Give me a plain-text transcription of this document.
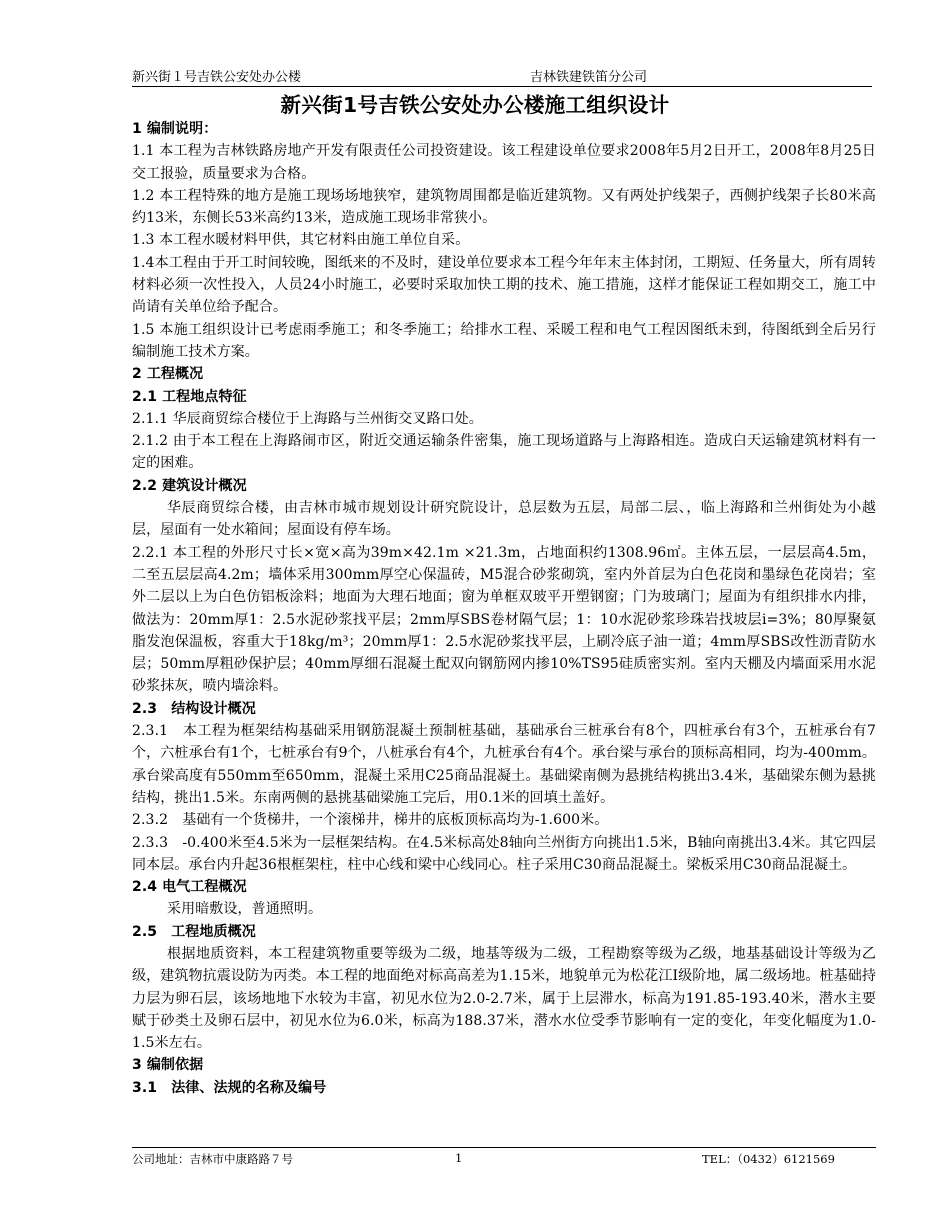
新兴街１号吉铁公安处办公楼	吉林铁建铁笛分公司
新兴街1号吉铁公安处办公楼施工组织设计

1 编制说明：

1.1 本工程为吉林铁路房地产开发有限责任公司投资建设。该工程建设单位要求2008年5月2日开工，2008年8月25日交工报验，质量要求为合格。

1.2 本工程特殊的地方是施工现场场地狭窄，建筑物周围都是临近建筑物。又有两处护线架子，西侧护线架子长80米高约13米，东侧长53米高约13米，造成施工现场非常狭小。

1.3 本工程水暖材料甲供，其它材料由施工单位自采。

1.4本工程由于开工时间较晚，图纸来的不及时，建设单位要求本工程今年年末主体封闭，工期短、任务量大，所有周转材料必须一次性投入，人员24小时施工，必要时采取加快工期的技术、施工措施，这样才能保证工程如期交工，施工中尚请有关单位给予配合。

1.5 本施工组织设计已考虑雨季施工；和冬季施工；给排水工程、采暖工程和电气工程因图纸未到，待图纸到全后另行编制施工技术方案。

2 工程概况

2.1 工程地点特征

2.1.1 华辰商贸综合楼位于上海路与兰州街交叉路口处。

2.1.2 由于本工程在上海路闹市区，附近交通运输条件密集，施工现场道路与上海路相连。造成白天运输建筑材料有一定的困难。

2.2 建筑设计概况

华辰商贸综合楼，由吉林市城市规划设计研究院设计，总层数为五层，局部二层、，临上海路和兰州街处为小越层，屋面有一处水箱间；屋面设有停车场。

2.2.1 本工程的外形尺寸长×宽×高为39m×42.1m ×21.3m，占地面积约1308.96㎡。主体五层，一层层高4.5m，二至五层层高4.2m；墙体采用300mm厚空心保温砖，M5混合砂浆砌筑，室内外首层为白色花岗和墨绿色花岗岩；室外二层以上为白色仿铝板涂料；地面为大理石地面；窗为单框双玻平开塑钢窗；门为玻璃门；屋面为有组织排水内排，做法为：20mm厚1：2.5水泥砂浆找平层；2mm厚SBS卷材隔气层；1：10水泥砂浆珍珠岩找坡层i=3%；80厚聚氨脂发泡保温板，容重大于18kg/m³；20mm厚1：2.5水泥砂浆找平层，上刷冷底子油一道；4mm厚SBS改性沥青防水层；50mm厚粗砂保护层；40mm厚细石混凝土配双向钢筋网内掺10%TS95硅质密实剂。室内天棚及内墙面采用水泥砂浆抹灰，喷内墙涂料。

2.3　结构设计概况

2.3.1　本工程为框架结构基础采用钢筋混凝土预制桩基础，基础承台三桩承台有8个，四桩承台有3个，五桩承台有7个，六桩承台有1个，七桩承台有9个，八桩承台有4个，九桩承台有4个。承台梁与承台的顶标高相同，均为-400mm。承台梁高度有550mm至650mm，混凝土采用C25商品混凝土。基础梁南侧为悬挑结构挑出3.4米，基础梁东侧为悬挑结构，挑出1.5米。东南两侧的悬挑基础梁施工完后，用0.1米的回填土盖好。

2.3.2　基础有一个货梯井，一个滚梯井，梯井的底板顶标高均为-1.600米。

2.3.3　-0.400米至4.5米为一层框架结构。在4.5米标高处8轴向兰州街方向挑出1.5米，B轴向南挑出3.4米。其它四层同本层。承台内升起36根框架柱，柱中心线和梁中心线同心。柱子采用C30商品混凝土。梁板采用C30商品混凝土。

2.4 电气工程概况

采用暗敷设，普通照明。

2.5　工程地质概况

根据地质资料，本工程建筑物重要等级为二级，地基等级为二级，工程勘察等级为乙级，地基基础设计等级为乙级，建筑物抗震设防为丙类。本工程的地面绝对标高高差为1.15米，地貌单元为松花江I级阶地，属二级场地。桩基础持力层为卵石层，该场地地下水较为丰富，初见水位为2.0-2.7米，属于上层滞水，标高为191.85-193.40米，潜水主要赋于砂类土及卵石层中，初见水位为6.0米，标高为188.37米，潜水水位受季节影响有一定的变化，年变化幅度为1.0-1.5米左右。

3 编制依据

3.1　法律、法规的名称及编号

公司地址：吉林市中康路路７号	1	TEL：（0432）6121569
